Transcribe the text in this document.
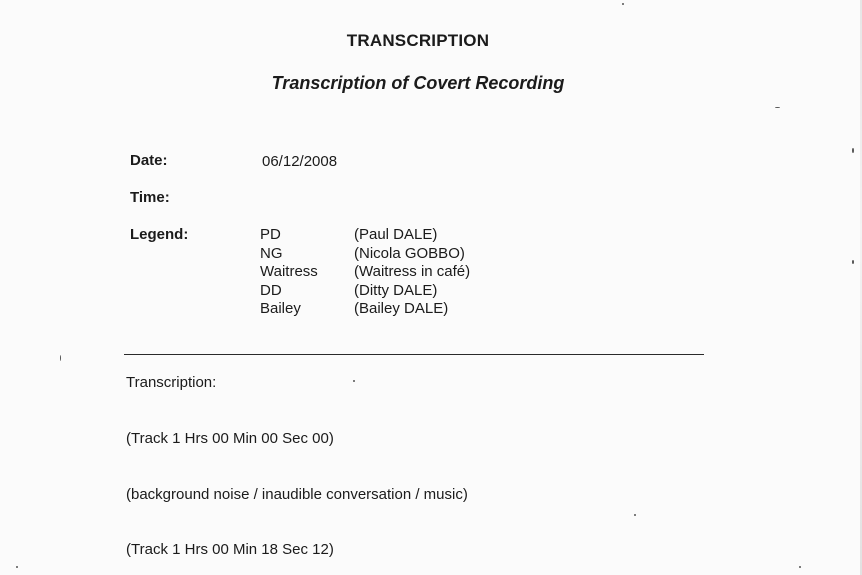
TRANSCRIPTION
Transcription of Covert Recording
Date:	06/12/2008
Time:
Legend:	PD	(Paul DALE)
NG	(Nicola GOBBO)
Waitress (Waitress in café)
DD	(Ditty DALE)
Bailey	(Bailey DALE)
Transcription:
(Track 1 Hrs 00 Min 00 Sec 00)
(background noise / inaudible conversation / music)
(Track 1 Hrs 00 Min 18 Sec 12)
